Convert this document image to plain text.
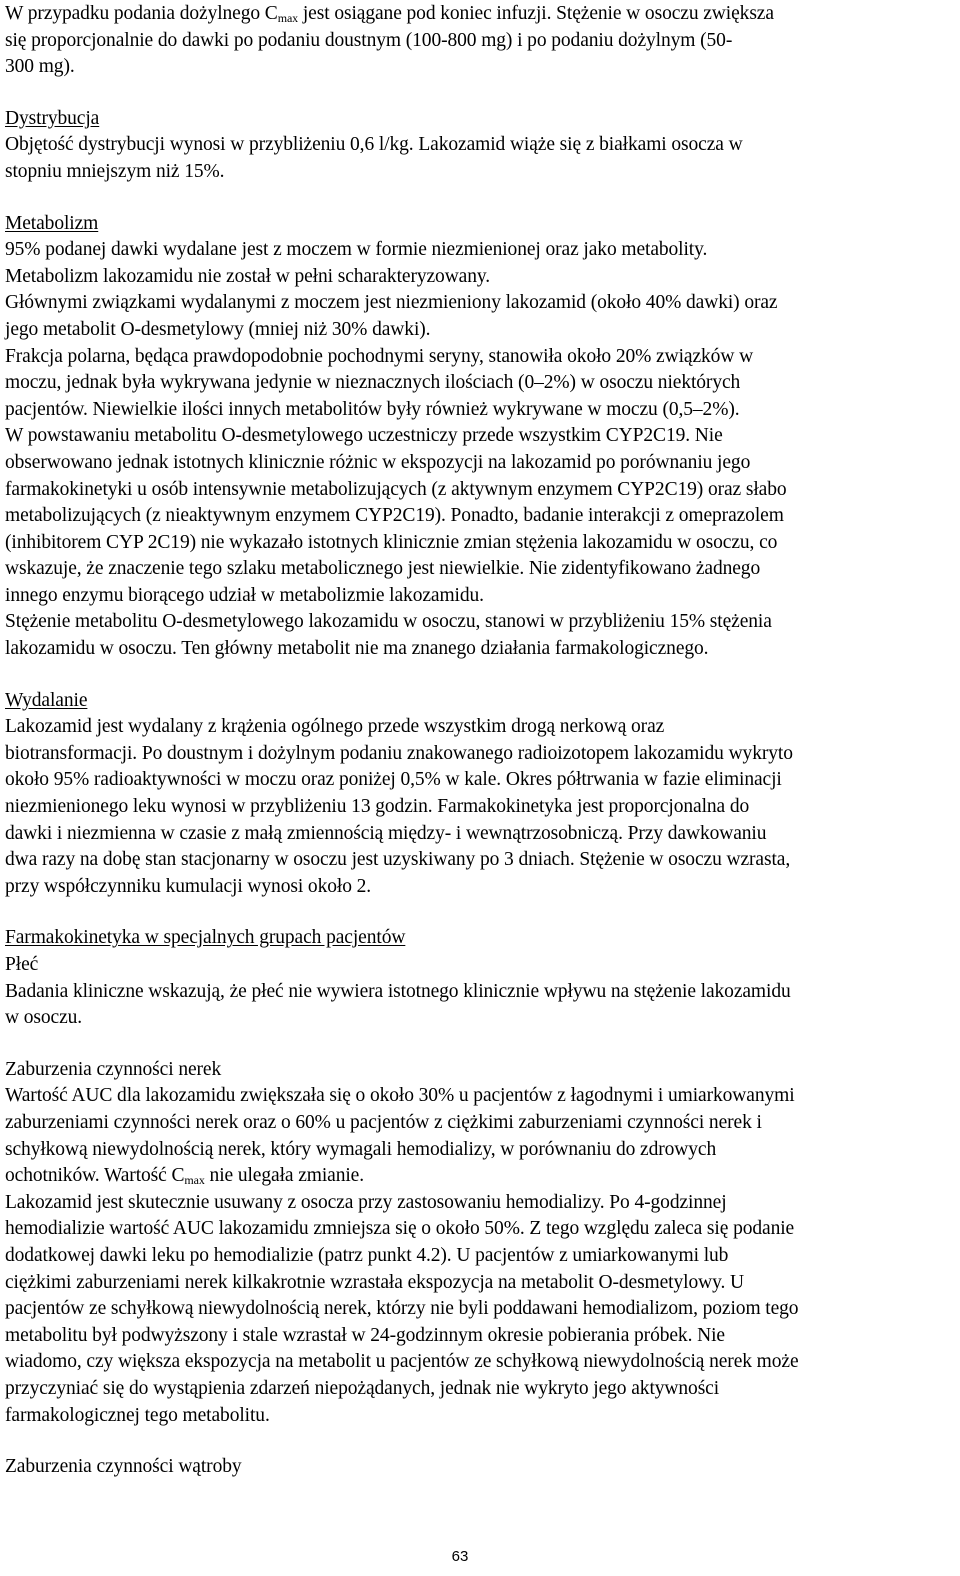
W przypadku podania dożylnego $C_{max}$ jest osiągane pod koniec infuzji. Stężenie w osoczu zwiększa
się proporcjonalnie do dawki po podaniu doustnym (100-800 mg) i po podaniu dożylnym (50-
300 mg).
Dystrybucja
Objętość dystrybucji wynosi w przybliżeniu 0,6 l/kg. Lakozamid wiąże się z białkami osocza w
stopniu mniejszym niż 15%.
Metabolizm
95% podanej dawki wydalane jest z moczem w formie niezmienionej oraz jako metabolity.
Metabolizm lakozamidu nie został w pełni scharakteryzowany.
Głównymi związkami wydalanymi z moczem jest niezmieniony lakozamid (około 40% dawki) oraz
jego metabolit O-desmetylowy (mniej niż 30% dawki).
Frakcja polarna, będąca prawdopodobnie pochodnymi seryny, stanowiła około 20% związków w
moczu, jednak była wykrywana jedynie w nieznacznych ilościach (0–2%) w osoczu niektórych
pacjentów. Niewielkie ilości innych metabolitów były również wykrywane w moczu (0,5–2%).
W powstawaniu metabolitu O-desmetylowego uczestniczy przede wszystkim CYP2C19. Nie
obserwowano jednak istotnych klinicznie różnic w ekspozycji na lakozamid po porównaniu jego
farmakokinetyki u osób intensywnie metabolizujących (z aktywnym enzymem CYP2C19) oraz słabo
metabolizujących (z nieaktywnym enzymem CYP2C19). Ponadto, badanie interakcji z omeprazolem
(inhibitorem CYP 2C19) nie wykazało istotnych klinicznie zmian stężenia lakozamidu w osoczu, co
wskazuje, że znaczenie tego szlaku metabolicznego jest niewielkie. Nie zidentyfikowano żadnego
innego enzymu biorącego udział w metabolizmie lakozamidu.
Stężenie metabolitu O-desmetylowego lakozamidu w osoczu, stanowi w przybliżeniu 15% stężenia
lakozamidu w osoczu. Ten główny metabolit nie ma znanego działania farmakologicznego.
Wydalanie
Lakozamid jest wydalany z krążenia ogólnego przede wszystkim drogą nerkową oraz
biotransformacji. Po doustnym i dożylnym podaniu znakowanego radioizotopem lakozamidu wykryto
około 95% radioaktywności w moczu oraz poniżej 0,5% w kale. Okres półtrwania w fazie eliminacji
niezmienionego leku wynosi w przybliżeniu 13 godzin. Farmakokinetyka jest proporcjonalna do
dawki i niezmienna w czasie z małą zmiennością między- i wewnątrzosobniczą. Przy dawkowaniu
dwa razy na dobę stan stacjonarny w osoczu jest uzyskiwany po 3 dniach. Stężenie w osoczu wzrasta,
przy współczynniku kumulacji wynosi około 2.
Farmakokinetyka w specjalnych grupach pacjentów
Płeć
Badania kliniczne wskazują, że płeć nie wywiera istotnego klinicznie wpływu na stężenie lakozamidu
w osoczu.
Zaburzenia czynności nerek
Wartość AUC dla lakozamidu zwiększała się o około 30% u pacjentów z łagodnymi i umiarkowanymi
zaburzeniami czynności nerek oraz o 60% u pacjentów z ciężkimi zaburzeniami czynności nerek i
schyłkową niewydolnością nerek, który wymagali hemodializy, w porównaniu do zdrowych
ochotników. Wartość $C_{max}$ nie ulegała zmianie.
Lakozamid jest skutecznie usuwany z osocza przy zastosowaniu hemodializy. Po 4-godzinnej
hemodializie wartość AUC lakozamidu zmniejsza się o około 50%. Z tego względu zaleca się podanie
dodatkowej dawki leku po hemodializie (patrz punkt 4.2). U pacjentów z umiarkowanymi lub
ciężkimi zaburzeniami nerek kilkakrotnie wzrastała ekspozycja na metabolit O-desmetylowy. U
pacjentów ze schyłkową niewydolnością nerek, którzy nie byli poddawani hemodializom, poziom tego
metabolitu był podwyższony i stale wzrastał w 24-godzinnym okresie pobierania próbek. Nie
wiadomo, czy większa ekspozycja na metabolit u pacjentów ze schyłkową niewydolnością nerek może
przyczyniać się do wystąpienia zdarzeń niepożądanych, jednak nie wykryto jego aktywności
farmakologicznej tego metabolitu.
Zaburzenia czynności wątroby
63
